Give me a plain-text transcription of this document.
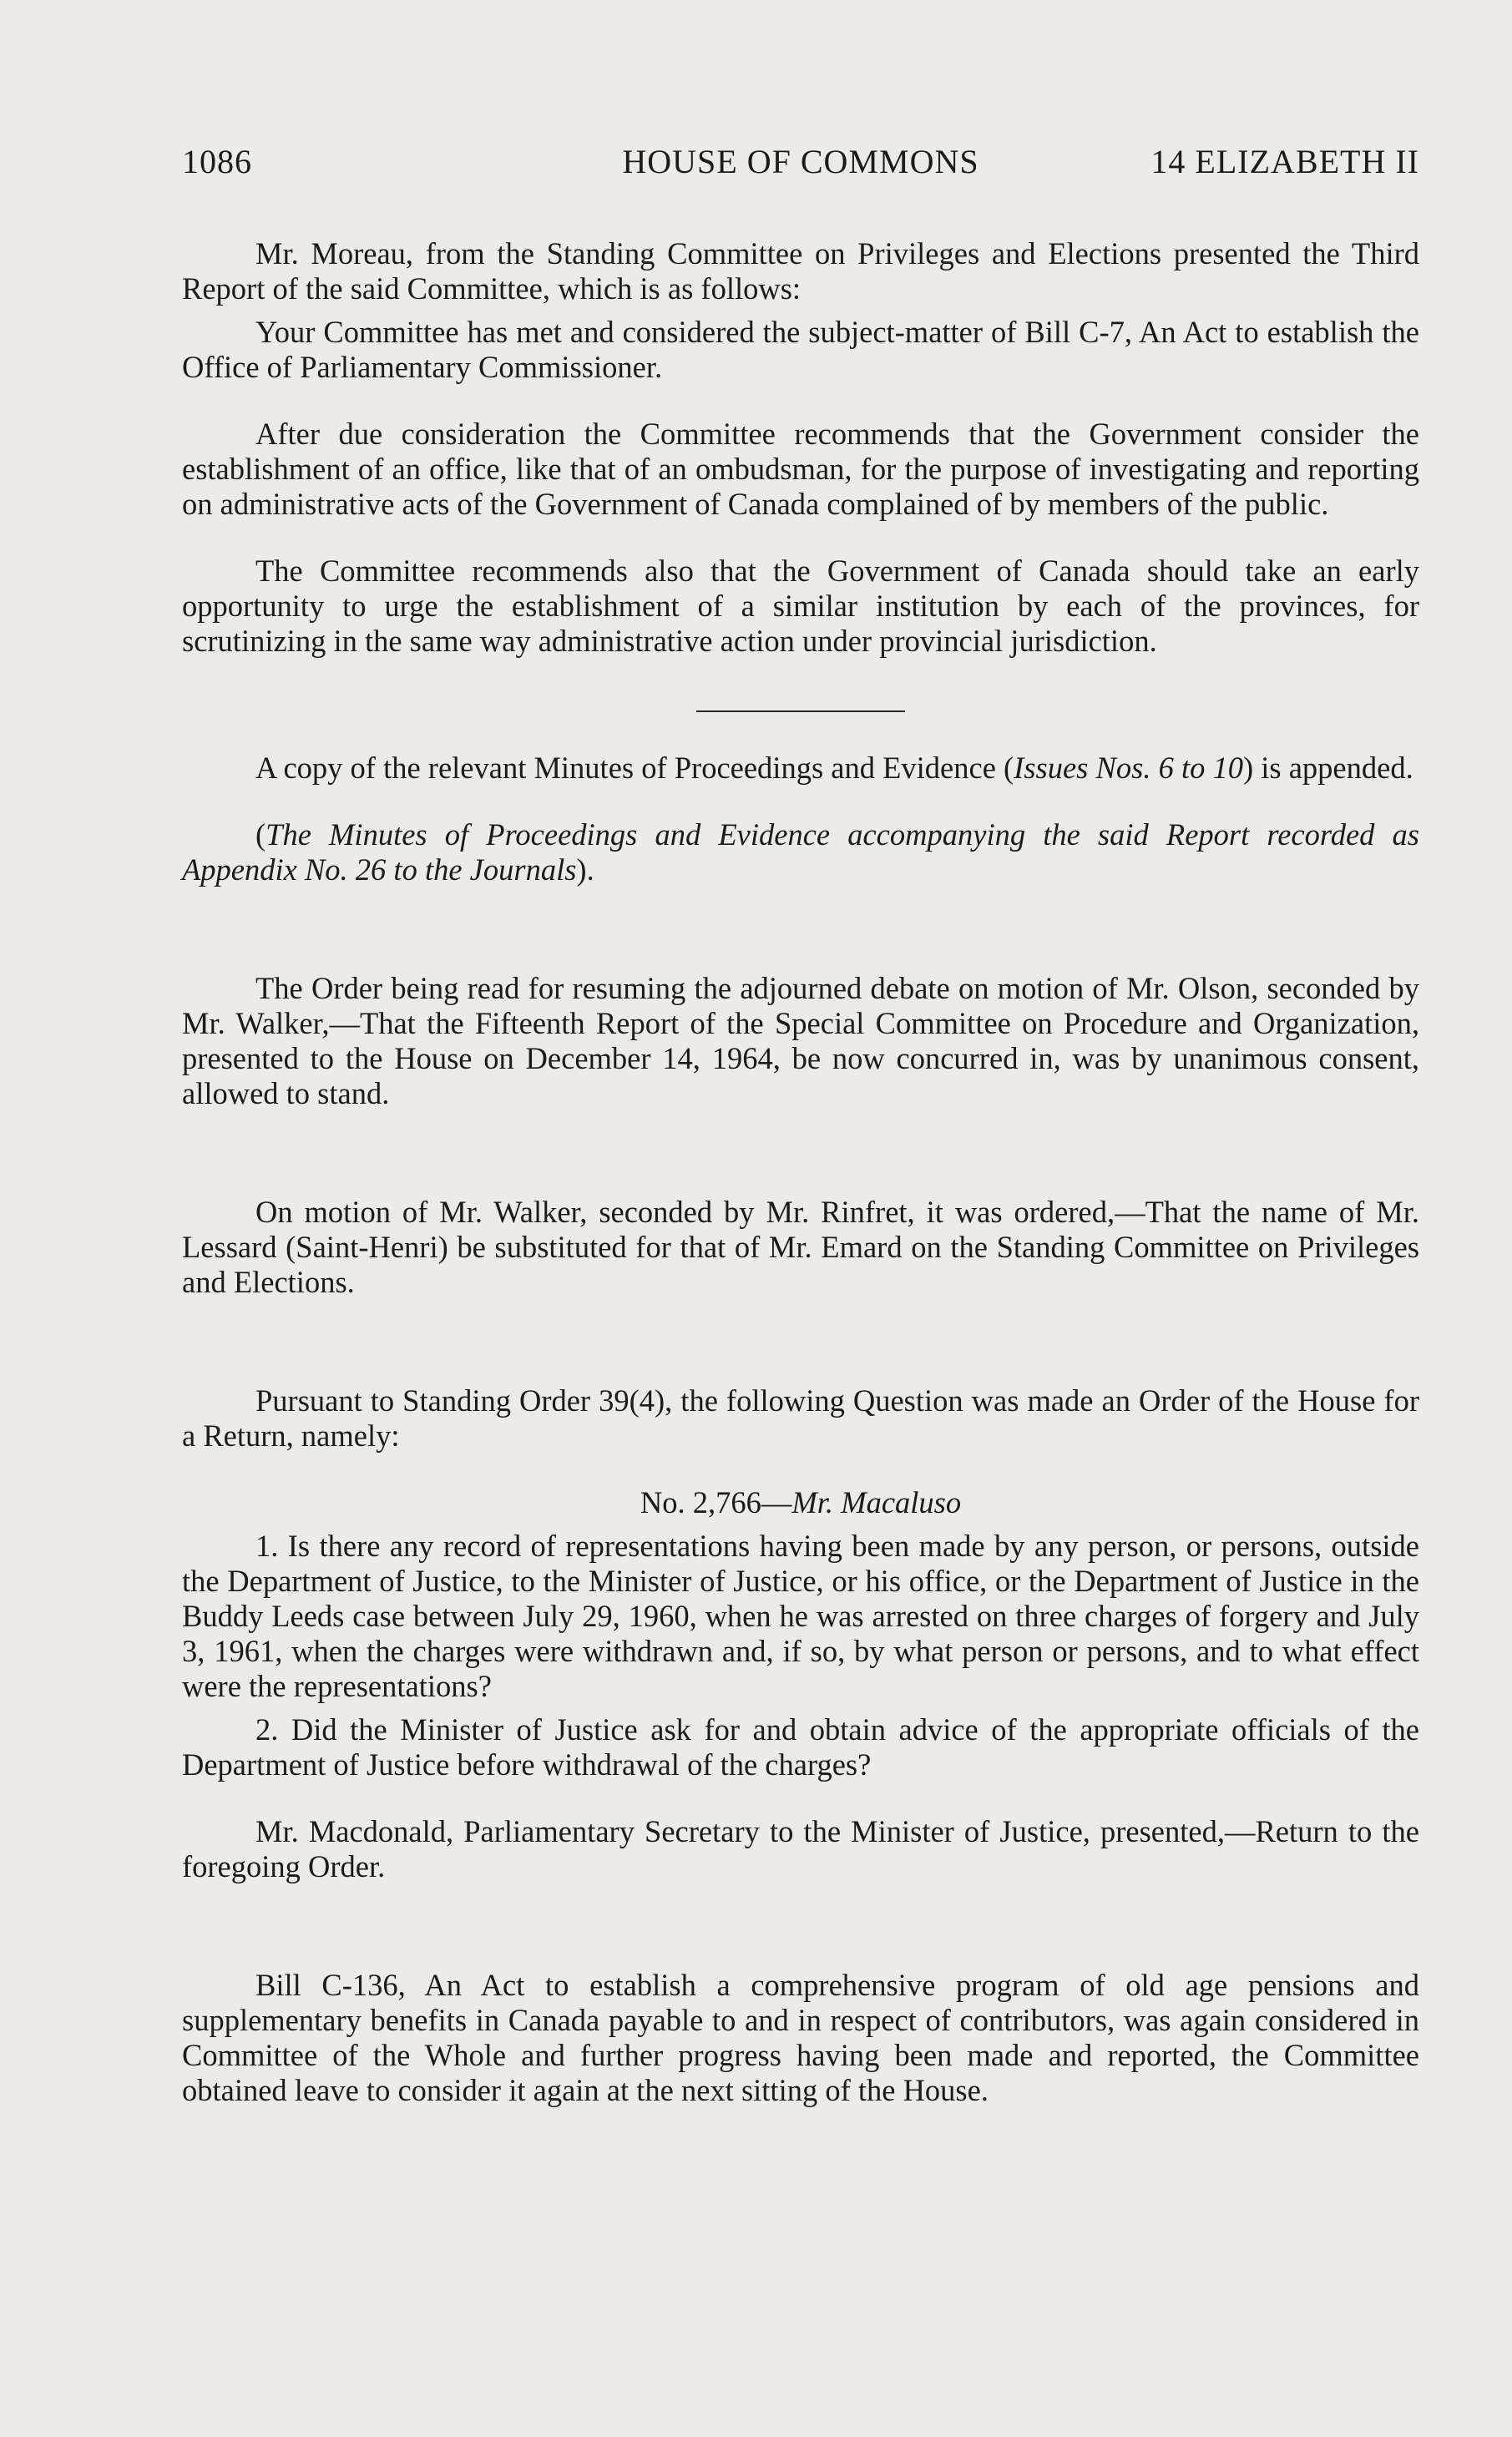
1086	HOUSE OF COMMONS	14 ELIZABETH II

Mr. Moreau, from the Standing Committee on Privileges and Elections presented the Third Report of the said Committee, which is as follows:

Your Committee has met and considered the subject-matter of Bill C-7, An Act to establish the Office of Parliamentary Commissioner.

After due consideration the Committee recommends that the Government consider the establishment of an office, like that of an ombudsman, for the purpose of investigating and reporting on administrative acts of the Government of Canada complained of by members of the public.

The Committee recommends also that the Government of Canada should take an early opportunity to urge the establishment of a similar institution by each of the provinces, for scrutinizing in the same way administrative action under provincial jurisdiction.

A copy of the relevant Minutes of Proceedings and Evidence (Issues Nos. 6 to 10) is appended.

(The Minutes of Proceedings and Evidence accompanying the said Report recorded as Appendix No. 26 to the Journals).

The Order being read for resuming the adjourned debate on motion of Mr. Olson, seconded by Mr. Walker,—That the Fifteenth Report of the Special Committee on Procedure and Organization, presented to the House on December 14, 1964, be now concurred in, was by unanimous consent, allowed to stand.

On motion of Mr. Walker, seconded by Mr. Rinfret, it was ordered,—That the name of Mr. Lessard (Saint-Henri) be substituted for that of Mr. Emard on the Standing Committee on Privileges and Elections.

Pursuant to Standing Order 39(4), the following Question was made an Order of the House for a Return, namely:

No. 2,766—Mr. Macaluso

1. Is there any record of representations having been made by any person, or persons, outside the Department of Justice, to the Minister of Justice, or his office, or the Department of Justice in the Buddy Leeds case between July 29, 1960, when he was arrested on three charges of forgery and July 3, 1961, when the charges were withdrawn and, if so, by what person or persons, and to what effect were the representations?

2. Did the Minister of Justice ask for and obtain advice of the appropriate officials of the Department of Justice before withdrawal of the charges?

Mr. Macdonald, Parliamentary Secretary to the Minister of Justice, presented,—Return to the foregoing Order.

Bill C-136, An Act to establish a comprehensive program of old age pensions and supplementary benefits in Canada payable to and in respect of contributors, was again considered in Committee of the Whole and further progress having been made and reported, the Committee obtained leave to consider it again at the next sitting of the House.
